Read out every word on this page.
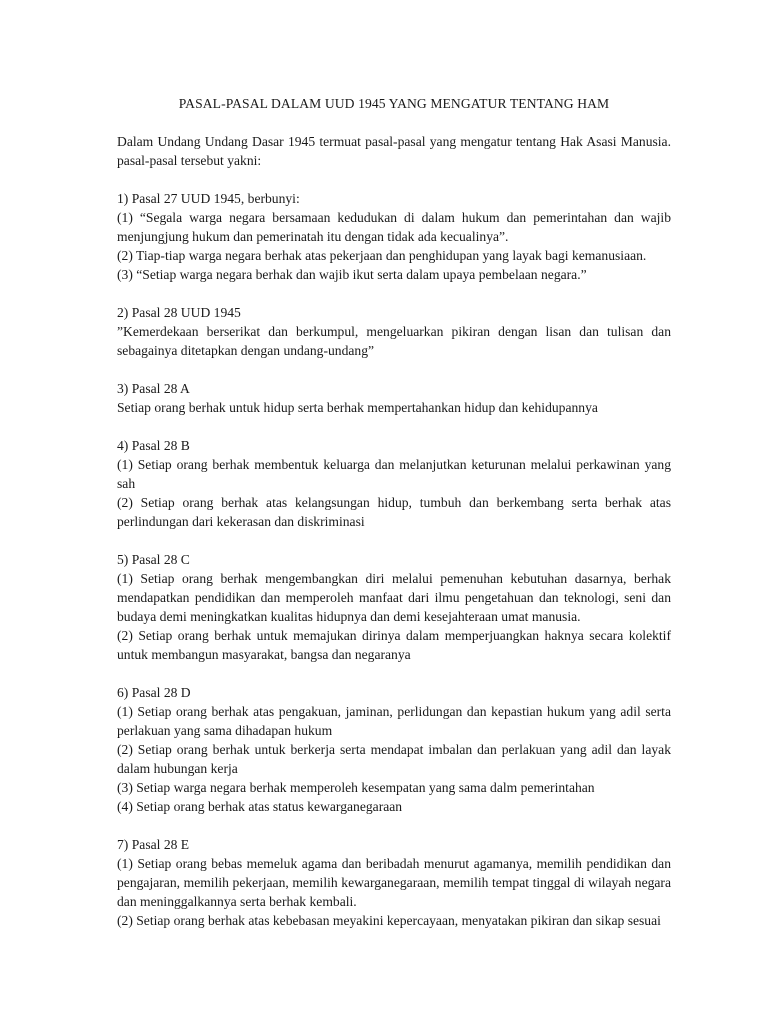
PASAL-PASAL DALAM UUD 1945 YANG MENGATUR TENTANG HAM

Dalam Undang Undang Dasar 1945 termuat pasal-pasal yang mengatur tentang Hak Asasi Manusia. pasal-pasal tersebut yakni:

1) Pasal 27 UUD 1945, berbunyi:

(1) “Segala warga negara bersamaan kedudukan di dalam hukum dan pemerintahan dan wajib menjungjung hukum dan pemerinatah itu dengan tidak ada kecualinya”.

(2) Tiap-tiap warga negara berhak atas pekerjaan dan penghidupan yang layak bagi kemanusiaan.

(3) “Setiap warga negara berhak dan wajib ikut serta dalam upaya pembelaan negara.”

2) Pasal 28 UUD 1945

”Kemerdekaan berserikat dan berkumpul, mengeluarkan pikiran dengan lisan dan tulisan dan sebagainya ditetapkan dengan undang-undang”

3) Pasal 28 A

Setiap orang berhak untuk hidup serta berhak mempertahankan hidup dan kehidupannya

4) Pasal 28 B

(1) Setiap orang berhak membentuk keluarga dan melanjutkan keturunan melalui perkawinan yang sah

(2) Setiap orang berhak atas kelangsungan hidup, tumbuh dan berkembang serta berhak atas perlindungan dari kekerasan dan diskriminasi

5) Pasal 28 C

(1) Setiap orang berhak mengembangkan diri melalui pemenuhan kebutuhan dasarnya, berhak mendapatkan pendidikan dan memperoleh manfaat dari ilmu pengetahuan dan teknologi, seni dan budaya demi meningkatkan kualitas hidupnya dan demi kesejahteraan umat manusia.

(2) Setiap orang berhak untuk memajukan dirinya dalam memperjuangkan haknya secara kolektif untuk membangun masyarakat, bangsa dan negaranya

6) Pasal 28 D

(1) Setiap orang berhak atas pengakuan, jaminan, perlidungan dan kepastian hukum yang adil serta perlakuan yang sama dihadapan hukum

(2) Setiap orang berhak untuk berkerja serta mendapat imbalan dan perlakuan yang adil dan layak dalam hubungan kerja

(3) Setiap warga negara berhak memperoleh kesempatan yang sama dalm pemerintahan

(4) Setiap orang berhak atas status kewarganegaraan

7) Pasal 28 E

(1) Setiap orang bebas memeluk agama dan beribadah menurut agamanya, memilih pendidikan dan pengajaran, memilih pekerjaan, memilih kewarganegaraan, memilih tempat tinggal di wilayah negara dan meninggalkannya serta berhak kembali.

(2) Setiap orang berhak atas kebebasan meyakini kepercayaan, menyatakan pikiran dan sikap sesuai
